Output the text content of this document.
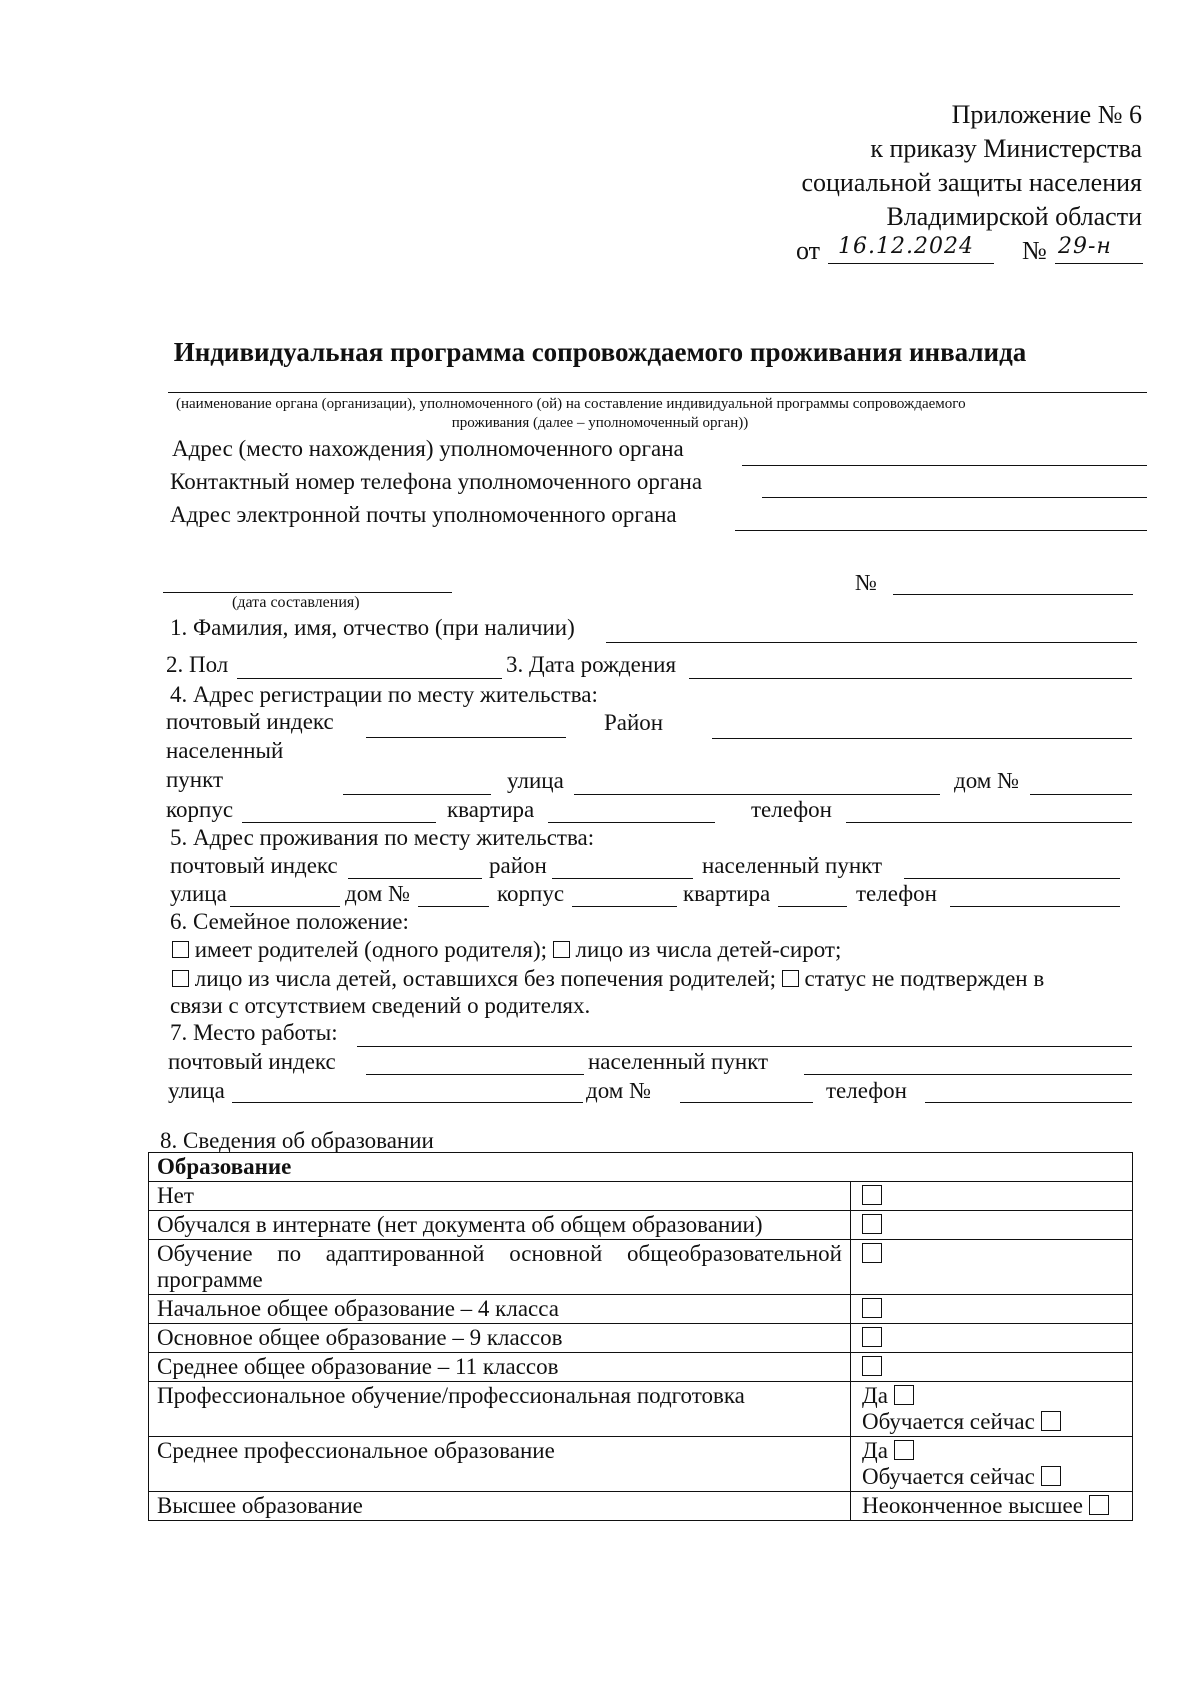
Приложение № 6
к приказу Министерства
социальной защиты населения
Владимирской области
от 16.12.2024 № 29-н
Индивидуальная программа сопровождаемого проживания инвалида
(наименование органа (организации), уполномоченного (ой) на составление индивидуальной программы сопровождаемого
проживания (далее – уполномоченный орган))
Адрес (место нахождения) уполномоченного органа
Контактный номер телефона уполномоченного органа
Адрес электронной почты уполномоченного органа
(дата составления)
№
1. Фамилия, имя, отчество (при наличии)
2. Пол	3. Дата рождения
4. Адрес регистрации по месту жительства:
почтовый индекс	Район
населенный
пункт	улица	дом №
корпус	квартира	телефон
5. Адрес проживания по месту жительства:
почтовый индекс	район	населенный пункт
улица	дом №	корпус	квартира	телефон
6. Семейное положение:
имеет родителей (одного родителя); лицо из числа детей-сирот;
лицо из числа детей, оставшихся без попечения родителей; статус не подтвержден в
связи с отсутствием сведений о родителях.
7. Место работы:
почтовый индекс	населенный пункт
улица	дом №	телефон
8. Сведения об образовании
Образование	
Нет	
Обучался в интернате (нет документа об общем образовании)	
Обучение по адаптированной основной общеобразовательной программе	
Начальное общее образование – 4 класса	
Основное общее образование – 9 классов	
Среднее общее образование – 11 классов	
Профессиональное обучение/профессиональная подготовка	Да
Обучается сейчас

Среднее профессиональное образование	Да
Обучается сейчас

Высшее образование	Неоконченное высшее
